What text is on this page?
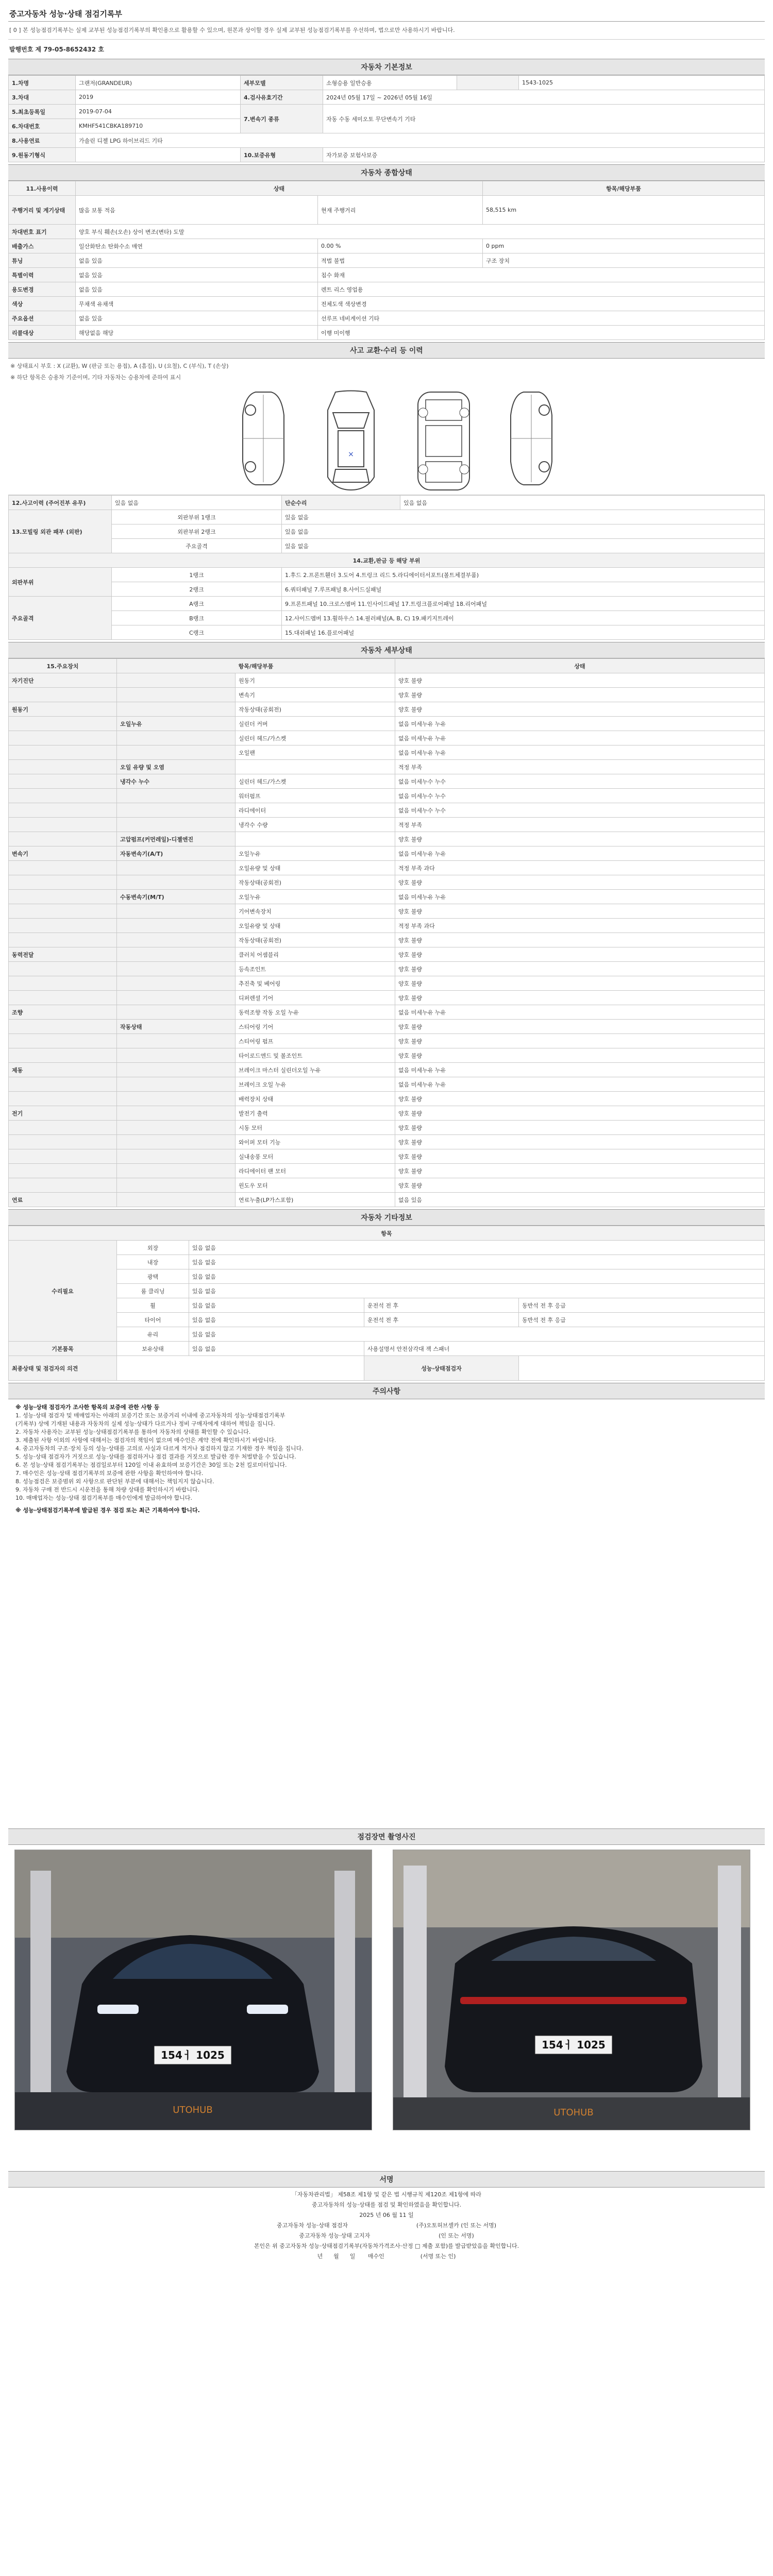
중고자동차 성능·상태 점검기록부
[ 0 ] 본 성능점검기록부는 실제 교부된 성능점검기록부의 확인용으로 활용할 수 있으며, 원본과 상이할 경우 실제 교부된 성능점검기록부를 우선하며, 법으로만 사용하시기 바랍니다.
발행번호 제 79-05-8652432 호
자동차 기본정보
1.차명	그랜저(GRANDEUR)	세부모델	소형승용 일반승용		1543-1025
3.차대	2019	4.검사유효기간	2024년 05월 17일 ~ 2026년 05월 16일		
5.최초등록일	2019-07-04	7.변속기 종류	자동 수동 세미오토 무단변속기 기타		
6.차대번호	KMHF541CBKA189710				
8.사용연료	가솔린 디젤 LPG 하이브리드 기타				
9.원동기형식		10.보증유형	자가보증 보험사보증		
자동차 종합상태
11.사용이력	상태		항목/해당부품
주행거리 및 계기상태	많음 보통 적음	현재 주행거리	58,515 km
차대번호 표기	양호 부식 훼손(오손) 상이 변조(변타) 도말		
배출가스	일산화탄소 탄화수소 매연	0.00 %	0 ppm
튜닝	없음 있음	적법 불법	구조 장치
특별이력	없음 있음	침수 화재	
용도변경	없음 있음	렌트 리스 영업용	
색상	무채색 유채색	전체도색 색상변경	
주요옵션	없음 있음	선루프 네비게이션 기타	
리콜대상	해당없음 해당	이행 미이행	
사고 교환·수리 등 이력
※ 상태표시 부호 : X (교환), W (판금 또는 용접), A (흠집), U (요철), C (부식), T (손상)
※ 하단 항목은 승용차 기준이며, 기타 자동차는 승용차에 준하여 표시
×
12.사고이력 (주어진부 유무)	있음 없음	단순수리	있음 없음
13.모빌링 외관 패부 (외판)	외판부위 1랭크	있음 없음	
	외판부위 2랭크	있음 없음	
	주요골격	있음 없음	
14.교환,판금 등 해당 부위			
외판부위	1랭크	1.후드 2.프론트휀더 3.도어 4.트렁크 리드 5.라디에이터서포트(볼트체결부품)	
	2랭크	6.쿼터패널 7.루프패널 8.사이드실패널	
주요골격	A랭크	9.프론트패널 10.크로스멤버 11.인사이드패널 17.트렁크플로어패널 18.리어패널	
	B랭크	12.사이드멤버 13.휠하우스 14.필러패널(A, B, C) 19.패키지트레이	
	C랭크	15.대쉬패널 16.플로어패널	
자동차 세부상태
15.주요장치	항목/해당부품		상태
자기진단		원동기	양호 불량
		변속기	양호 불량
원동기		작동상태(공회전)	양호 불량
	오일누유	실린더 커버	없음 미세누유 누유
		실린더 헤드/가스켓	없음 미세누유 누유
		오일팬	없음 미세누유 누유
	오일 유량 및 오염		적정 부족
	냉각수 누수	실린더 헤드/가스켓	없음 미세누수 누수
		워터펌프	없음 미세누수 누수
		라디에이터	없음 미세누수 누수
		냉각수 수량	적정 부족
	고압펌프(커먼레일)-디젤엔진		양호 불량
변속기	자동변속기(A/T)	오일누유	없음 미세누유 누유
		오일유량 및 상태	적정 부족 과다
		작동상태(공회전)	양호 불량
	수동변속기(M/T)	오일누유	없음 미세누유 누유
		기어변속장치	양호 불량
		오일유량 및 상태	적정 부족 과다
		작동상태(공회전)	양호 불량
동력전달		클러치 어셈블리	양호 불량
		등속조인트	양호 불량
		추진축 및 베어링	양호 불량
		디퍼렌셜 기어	양호 불량
조향		동력조향 작동 오일 누유	없음 미세누유 누유
	작동상태	스티어링 기어	양호 불량
		스티어링 펌프	양호 불량
		타이로드엔드 및 볼조인트	양호 불량
제동		브레이크 마스터 실린더오일 누유	없음 미세누유 누유
		브레이크 오일 누유	없음 미세누유 누유
		배력장치 상태	양호 불량
전기		발전기 출력	양호 불량
		시동 모터	양호 불량
		와이퍼 모터 기능	양호 불량
		실내송풍 모터	양호 불량
		라디에이터 팬 모터	양호 불량
		윈도우 모터	양호 불량
연료		연료누출(LP가스포함)	없음 있음
자동차 기타정보
항목				
수리필요	외장	있음 없음		
	내장	있음 없음		
	광택	있음 없음		
	룸 클리닝	있음 없음		
	휠	있음 없음	운전석 전 후	동반석 전 후 응급
	타이어	있음 없음	운전석 전 후	동반석 전 후 응급
	유리	있음 없음		
기본품목	보유상태	있음 없음	사용설명서 안전삼각대 잭 스패너	
최종상태 및 점검자의 의견			성능·상태점검자	
주의사항
※ 성능·상태 점검자가 조사한 항목의 보증에 관한 사항 등
1. 성능·상태 점검자 및 매매업자는 아래의 보증기간 또는 보증거리 이내에 중고자동차의 성능·상태점검기록부
(기록부) 상에 기재된 내용과 자동차의 실제 성능·상태가 다르거나 정비 구매자에게 대하여 책임을 집니다.
2. 자동차 사용자는 교부된 성능·상태점검기록부를 통하여 자동차의 상태를 확인할 수 있습니다.
3. 제출된 사항 이외의 사항에 대해서는 점검자의 책임이 없으며 매수인은 계약 전에 확인하시기 바랍니다.
4. 중고자동차의 구조·장치 등의 성능·상태를 고의로 사실과 다르게 적거나 점검하지 않고 기재한 경우 책임을 집니다.
5. 성능·상태 점검자가 거짓으로 성능·상태를 점검하거나 점검 결과를 거짓으로 발급한 경우 처벌받을 수 있습니다.
6. 본 성능·상태 점검기록부는 점검일로부터 120일 이내 유효하며 보증기간은 30일 또는 2천 킬로미터입니다.
7. 매수인은 성능·상태 점검기록부의 보증에 관한 사항을 확인하여야 합니다.
8. 성능점검은 보증범위 외 사항으로 판단된 부분에 대해서는 책임지지 않습니다.
9. 자동차 구매 전 반드시 시운전을 통해 차량 상태를 확인하시기 바랍니다.
10. 매매업자는 성능·상태 점검기록부를 매수인에게 발급하여야 합니다.
※ 성능·상태점검기록부에 발급된 경우 점검 또는 최근 기록하여야 합니다.
점검장면 촬영사진
154ㅓ 1025
UTOHUB
154ㅓ 1025
UTOHUB
서명
「자동차관리법」 제58조 제1항 및 같은 법 시행규칙 제120조 제1항에 따라
중고자동차의 성능·상태를 점검 및 확인하였음을 확인합니다.
2025 년 06 월 11 일
중고자동차 성능·상태 점검자                                      (주)오토허브셀카 (인 또는 서명)
중고자동차 성능·상태 고지자                                      (인 또는 서명)
본인은 위 중고자동차 성능·상태점검기록부(자동차가격조사·산정 □ 제출 포함)를 발급받았음을 확인합니다.
년      월      일       매수인                    (서명 또는 인)
